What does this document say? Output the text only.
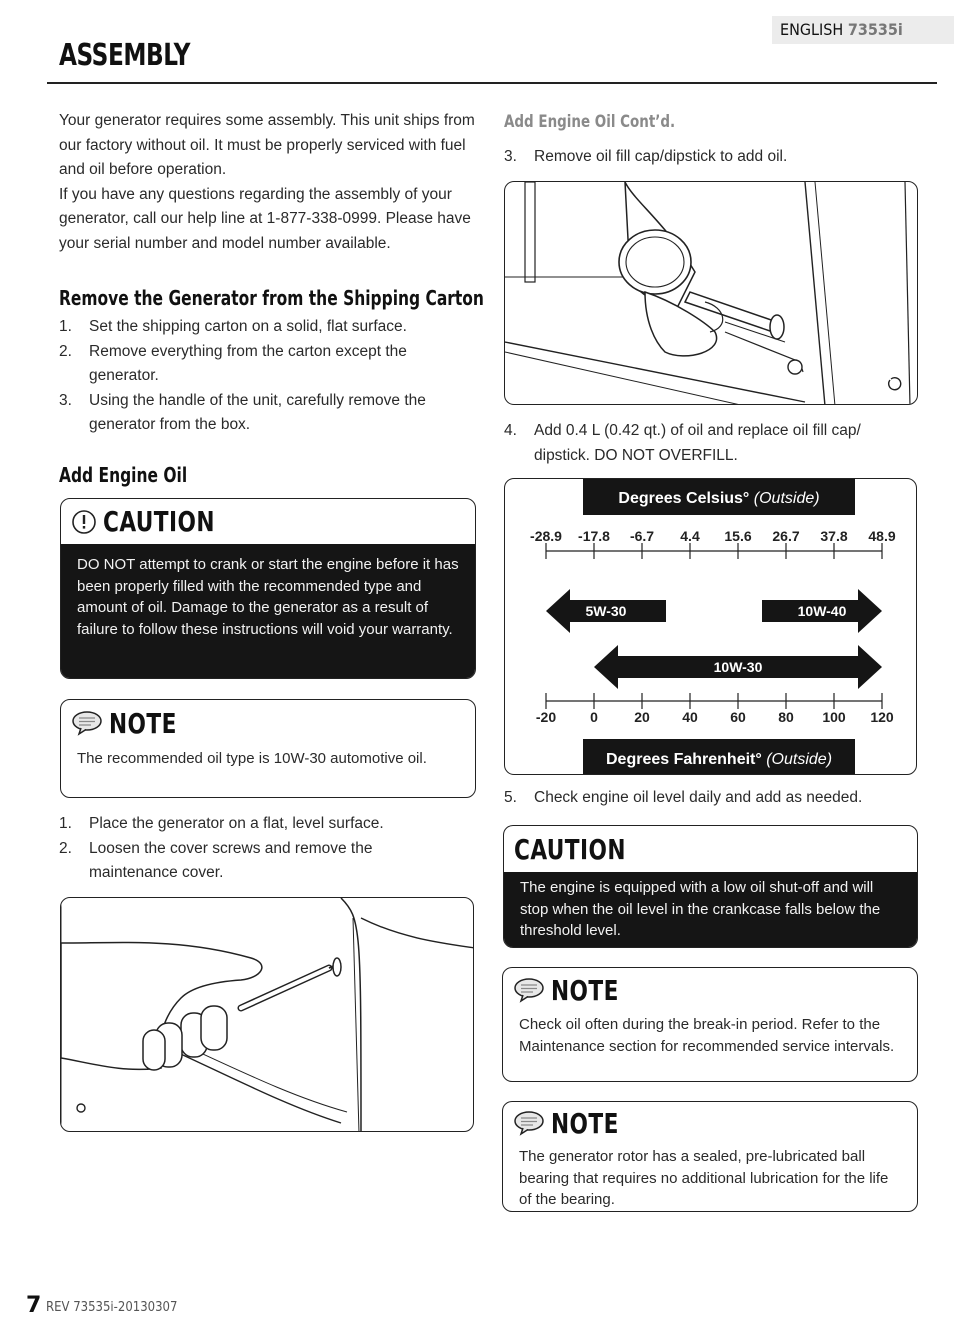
ENGLISH 73535i
ASSEMBLY
Your generator requires some assembly. This unit ships from our factory without oil. It must be properly serviced with fuel and oil before operation.
If you have any questions regarding the assembly of your generator, call our help line at 1-877-338-0999. Please have your serial number and model number available.
Remove the Generator from the Shipping Carton
1. Set the shipping carton on a solid, flat surface.
2. Remove everything from the carton except the generator.
3. Using the handle of the unit, carefully remove the generator from the box.
Add Engine Oil
CAUTION
DO NOT attempt to crank or start the engine before it has been properly filled with the recommended type and amount of oil. Damage to the generator as a result of failure to follow these instructions will void your warranty.
NOTE
The recommended oil type is 10W-30 automotive oil.
1. Place the generator on a flat, level surface.
2. Loosen the cover screws and remove the maintenance cover.
Add Engine Oil Cont’d.
3. Remove oil fill cap/dipstick to add oil.
4. Add 0.4 L (0.42 qt.) of oil and replace oil fill cap/ dipstick. DO NOT OVERFILL.
Degrees Celsius° (Outside)
-28.9 -17.8 -6.7 4.4 15.6 26.7 37.8 48.9
5W-30	10W-40
10W-30
-20 0	20 40 60 80 100 120
Degrees Fahrenheit° (Outside)
5. Check engine oil level daily and add as needed.
CAUTION
The engine is equipped with a low oil shut-off and will stop when the oil level in the crankcase falls below the threshold level.
NOTE
Check oil often during the break-in period. Refer to the Maintenance section for recommended service intervals.
NOTE
The generator rotor has a sealed, pre-lubricated ball bearing that requires no additional lubrication for the life of the bearing.
7 REV 73535i-20130307
